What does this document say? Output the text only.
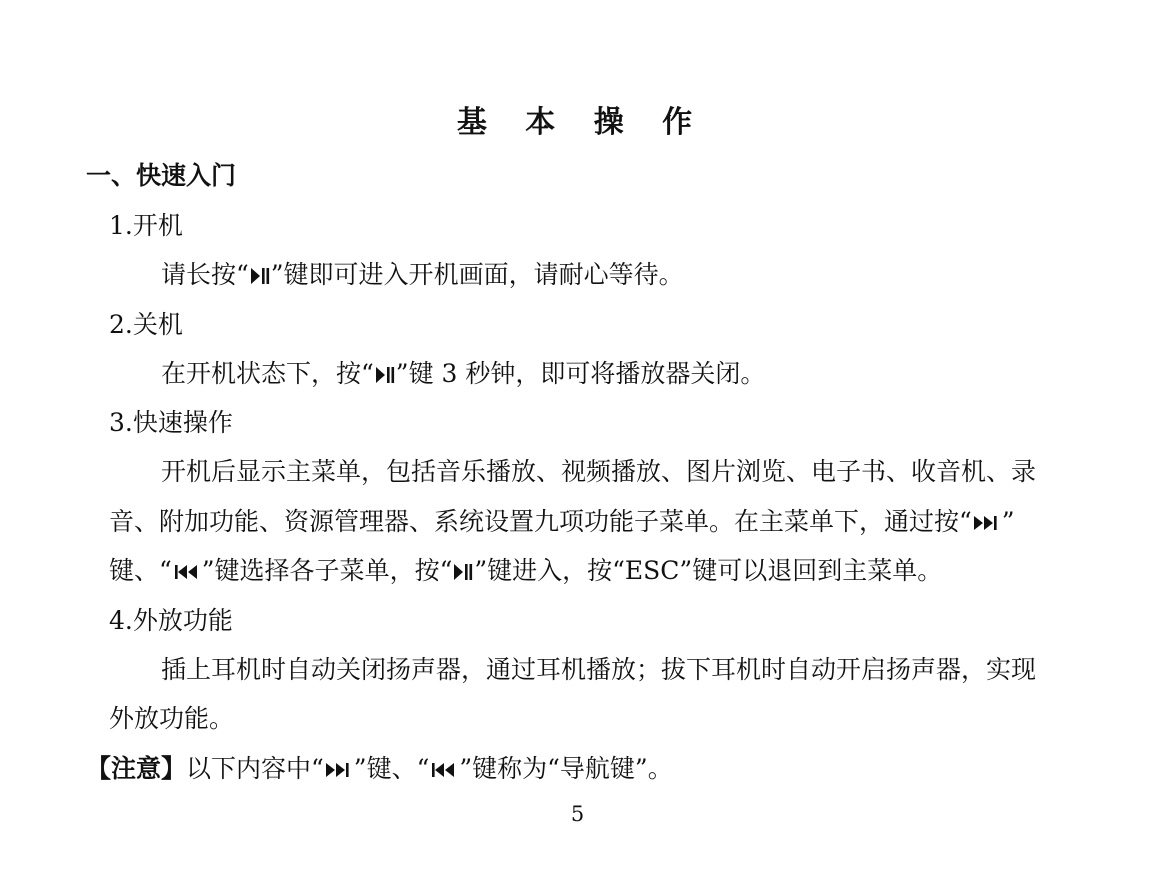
基 本 操 作
一、快速入门
1.开机
请长按“ ”键即可进入开机画面，请耐心等待。
2.关机
在开机状态下，按“ ”键 3 秒钟，即可将播放器关闭。
3.快速操作
开机后显示主菜单，包括音乐播放、视频播放、图片浏览、电子书、收音机、录
音、附加功能、资源管理器、系统设置九项功能子菜单。在主菜单下，通过按“ ”
键、“ ”键选择各子菜单，按“ ”键进入，按“ESC”键可以退回到主菜单。
4.外放功能
插上耳机时自动关闭扬声器，通过耳机播放；拔下耳机时自动开启扬声器，实现
外放功能。
【注意】以下内容中“ ”键、“ ”键称为“导航键”。
5
